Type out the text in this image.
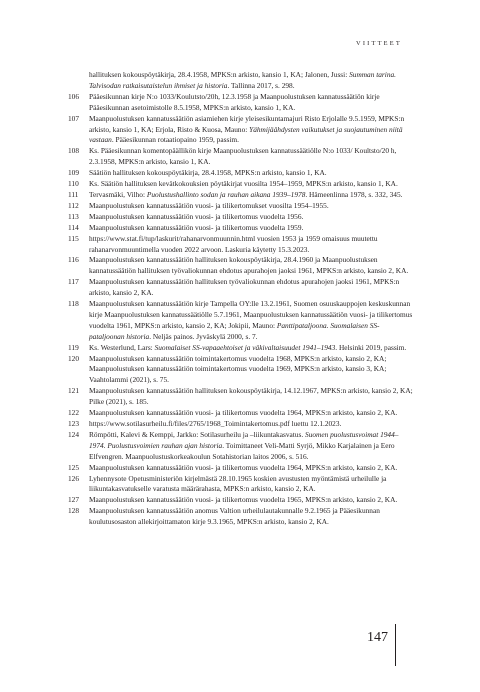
VIITTEET
hallituksen kokouspöytäkirja, 28.4.1958, MPKS:n arkisto, kansio 1, KA; Jalonen, Jussi: Summan tarina. Talvisodan ratkaisutaistelun ihmiset ja historia. Tallinna 2017, s. 298.
106	Pääesikunnan kirje N:o 1033/Koulutsto/20h, 12.3.1958 ja Maanpuolustuksen kannatussäätiön kirje Pääesikunnan asetoimistolle 8.5.1958, MPKS:n arkisto, kansio 1, KA.
107	Maanpuolustuksen kannatussäätiön asiamiehen kirje yleisesikuntamajuri Risto Erjolalle 9.5.1959, MPKS:n arkisto, kansio 1, KA; Erjola, Risto & Kuosa, Mauno: Yähmijäähdysten vaikutukset ja suojautuminen niitä vastaan. Pääesikunnan rotaatiopaino 1959, passim.
108	Ks. Pääesikunnan komentopäällikön kirje Maanpuolustuksen kannatussäätiölle N:o 1033/ Koultsto/20 h, 2.3.1958, MPKS:n arkisto, kansio 1, KA.
109	Säätiön hallituksen kokouspöytäkirja, 28.4.1958, MPKS:n arkisto, kansio 1, KA.
110	Ks. Säätiön hallituksen kevätkokouksien pöytäkirjat vuosilta 1954–1959, MPKS:n arkisto, kansio 1, KA.
111	Tervasmäki, Vilho: Puolustushallinto sodan ja rauhan aikana 1939–1978. Hämeenlinna 1978, s. 332, 345.
112	Maanpuolustuksen kannatussäätiön vuosi- ja tilikertomukset vuosilta 1954–1955.
113	Maanpuolustuksen kannatussäätiön vuosi- ja tilikertomus vuodelta 1956.
114	Maanpuolustuksen kannatussäätiön vuosi- ja tilikertomus vuodelta 1959.
115	https://www.stat.fi/tup/laskurit/rahanarvonmuunnin.html vuosien 1953 ja 1959 omaisuus muutettu rahanarvonmuuntimella vuoden 2022 arvoon. Laskuria käytetty 15.3.2023.
116	Maanpuolustuksen kannatussäätiön hallituksen kokouspöytäkirja, 28.4.1960 ja Maanpuolustuksen kannatussäätiön hallituksen työvaliokunnan ehdotus apurahojen jaoksi 1961, MPKS:n arkisto, kansio 2, KA.
117	Maanpuolustuksen kannatussäätiön hallituksen työvaliokunnan ehdotus apurahojen jaoksi 1961, MPKS:n arkisto, kansio 2, KA.
118	Maanpuolustuksen kannatussäätiön kirje Tampella OY:lle 13.2.1961, Suomen osuuskauppojen keskuskunnan kirje Maanpuolustuksen kannatussäätiölle 5.7.1961, Maanpuolustuksen kannatussäätiön vuosi- ja tilikertomus vuodelta 1961, MPKS:n arkisto, kansio 2, KA; Jokipii, Mauno: Panttipataljoona. Suomalaisen SS-pataljoonan historia. Neljäs painos. Jyväskylä 2000, s. 7.
119	Ks. Westerlund, Lars: Suomalaiset SS-vapaaehtoiset ja väkivaltaisuudet 1941–1943. Helsinki 2019, passim.
120	Maanpuolustuksen kannatussäätiön toimintakertomus vuodelta 1968, MPKS:n arkisto, kansio 2, KA; Maanpuolustuksen kannatussäätiön toimintakertomus vuodelta 1969, MPKS:n arkisto, kansio 3, KA; Vaahtolammi (2021), s. 75.
121	Maanpuolustuksen kannatussäätiön hallituksen kokouspöytäkirja, 14.12.1967, MPKS:n arkisto, kansio 2, KA; Pilke (2021), s. 185.
122	Maanpuolustuksen kannatussäätiön vuosi- ja tilikertomus vuodelta 1964, MPKS:n arkisto, kansio 2, KA.
123	https://www.sotilasurheilu.fi/files/2765/1968_Toimintakertomus.pdf luettu 12.1.2023.
124	Römpötti, Kalevi & Kemppi, Jarkko: Sotilasurheilu ja –liikuntakasvatus. Suomen puolustusvoimat 1944–1974. Puolustusvoimien rauhan ajan historia. Toimittaneet Veli-Matti Syrjö, Mikko Karjalainen ja Eero Elfvengren. Maanpuolustuskorkeakoulun Sotahistorian laitos 2006, s. 516.
125	Maanpuolustuksen kannatussäätiön vuosi- ja tilikertomus vuodelta 1964, MPKS:n arkisto, kansio 2, KA.
126	Lyhennysote Opetusministeriön kirjelmästä 28.10.1965 koskien avustusten myöntämistä urheilulle ja liikuntakasvatukselle varatusta määrärahasta, MPKS:n arkisto, kansio 2, KA.
127	Maanpuolustuksen kannatussäätiön vuosi- ja tilikertomus vuodelta 1965, MPKS:n arkisto, kansio 2, KA.
128	Maanpuolustuksen kannatussäätiön anomus Valtion urheilulautakunnalle 9.2.1965 ja Pääesikunnan koulutusosaston allekirjoittamaton kirje 9.3.1965, MPKS:n arkisto, kansio 2, KA.
147
